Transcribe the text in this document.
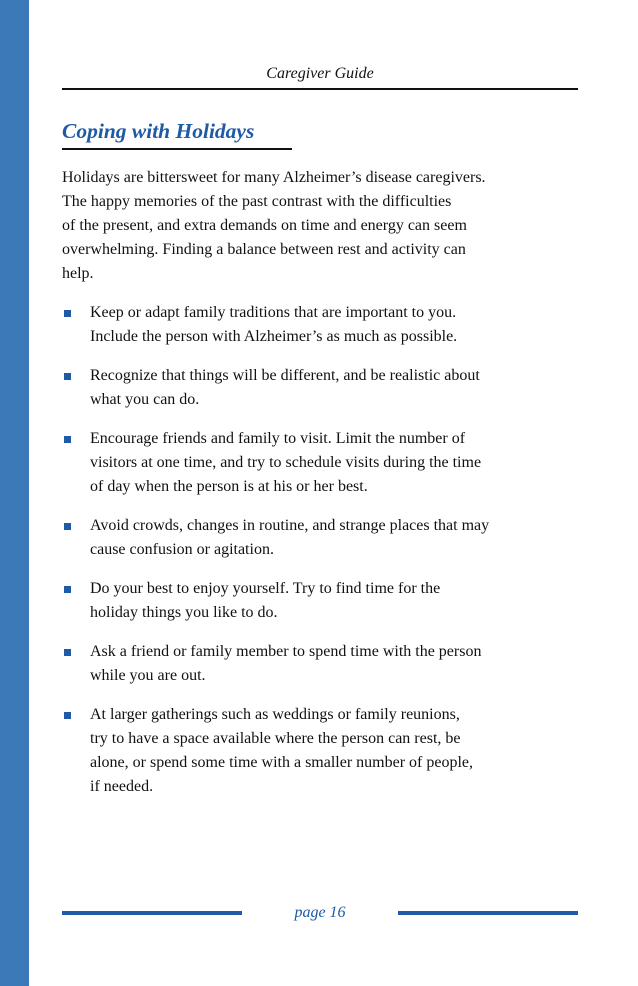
Caregiver Guide
Coping with Holidays

Holidays are bittersweet for many Alzheimer’s disease caregivers.
The happy memories of the past contrast with the difficulties
of the present, and extra demands on time and energy can seem
overwhelming. Finding a balance between rest and activity can
help.

Keep or adapt family traditions that are important to you.
Include the person with Alzheimer’s as much as possible.
Recognize that things will be different, and be realistic about
what you can do.
Encourage friends and family to visit. Limit the number of
visitors at one time, and try to schedule visits during the time
of day when the person is at his or her best.
Avoid crowds, changes in routine, and strange places that may
cause confusion or agitation.
Do your best to enjoy yourself. Try to find time for the
holiday things you like to do.
Ask a friend or family member to spend time with the person
while you are out.
At larger gatherings such as weddings or family reunions,
try to have a space available where the person can rest, be
alone, or spend some time with a smaller number of people,
if needed.
page 16
